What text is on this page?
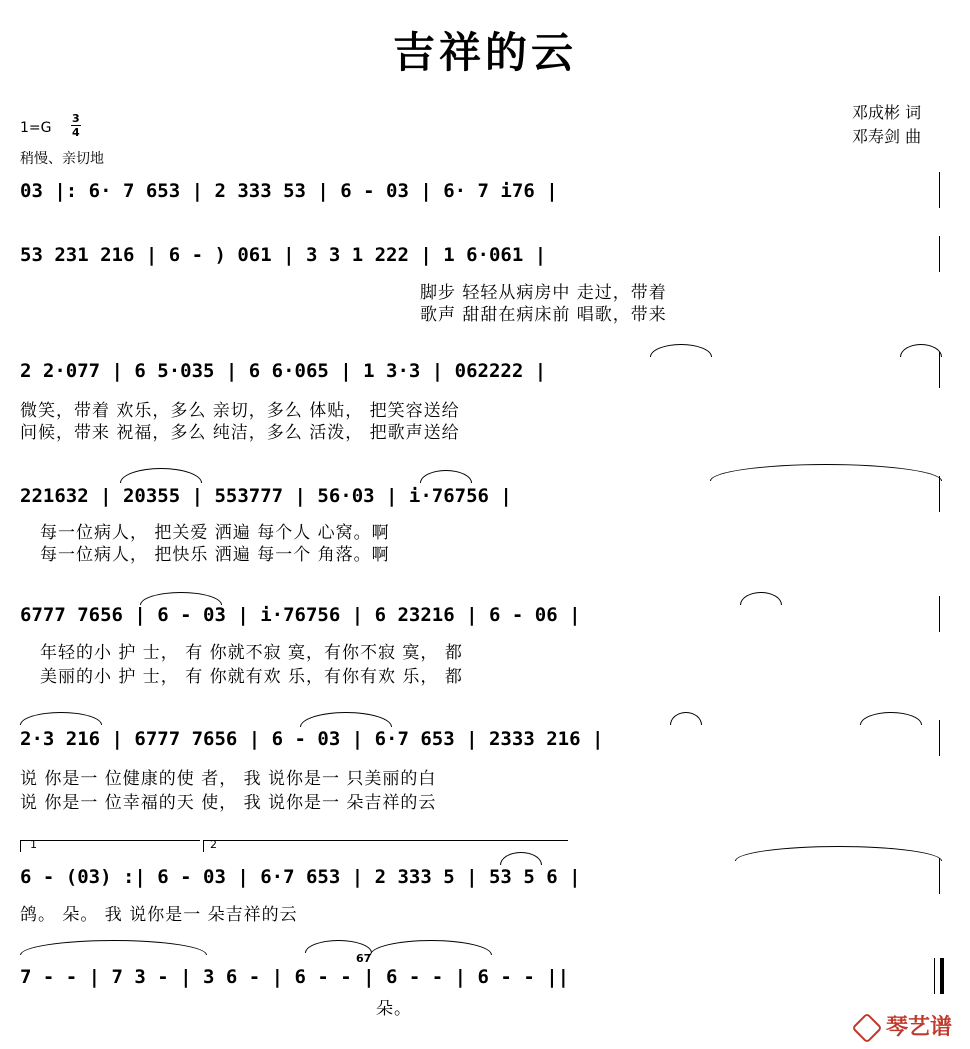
吉祥的云
邓成彬 词
邓寿剑 曲
1=G
3
4
稍慢、亲切地
03 |: 6· 7 653 | 2 333 53 | 6 - 03 | 6· 7 i76 |
53 231 216 | 6 - ) 061 | 3 3 1 222 | 1 6·061 |
脚步 轻轻从病房中 走过，带着
歌声 甜甜在病床前 唱歌，带来
2 2·077 | 6 5·035 | 6 6·065 | 1 3·3 | 062222 |
微笑，带着 欢乐，多么 亲切，多么 体贴， 把笑容送给
问候，带来 祝福，多么 纯洁，多么 活泼， 把歌声送给
221632 | 20355 | 553777 | 56·03 | i·76756 |
每一位病人， 把关爱 洒遍 每个人 心窝。啊
每一位病人， 把快乐 洒遍 每一个 角落。啊
6777 7656 | 6 - 03 | i·76756 | 6 23216 | 6 - 06 |
年轻的小 护 士， 有 你就不寂 寞，有你不寂 寞， 都
美丽的小 护 士， 有 你就有欢 乐，有你有欢 乐， 都
2·3 216 | 6777 7656 | 6 - 03 | 6·7 653 | 2333 216 |
说 你是一 位健康的使 者， 我 说你是一 只美丽的白
说 你是一 位幸福的天 使， 我 说你是一 朵吉祥的云
1	2
6 - (03) :| 6 - 03 | 6·7 653 | 2 333 5 | 53 5 6 |
鸽。 朵。 我 说你是一 朵吉祥的云
7 - - | 7 3 - | 3 6 - | 6 - - | 6 - - | 6 - - ||
67
朵。
琴艺谱
